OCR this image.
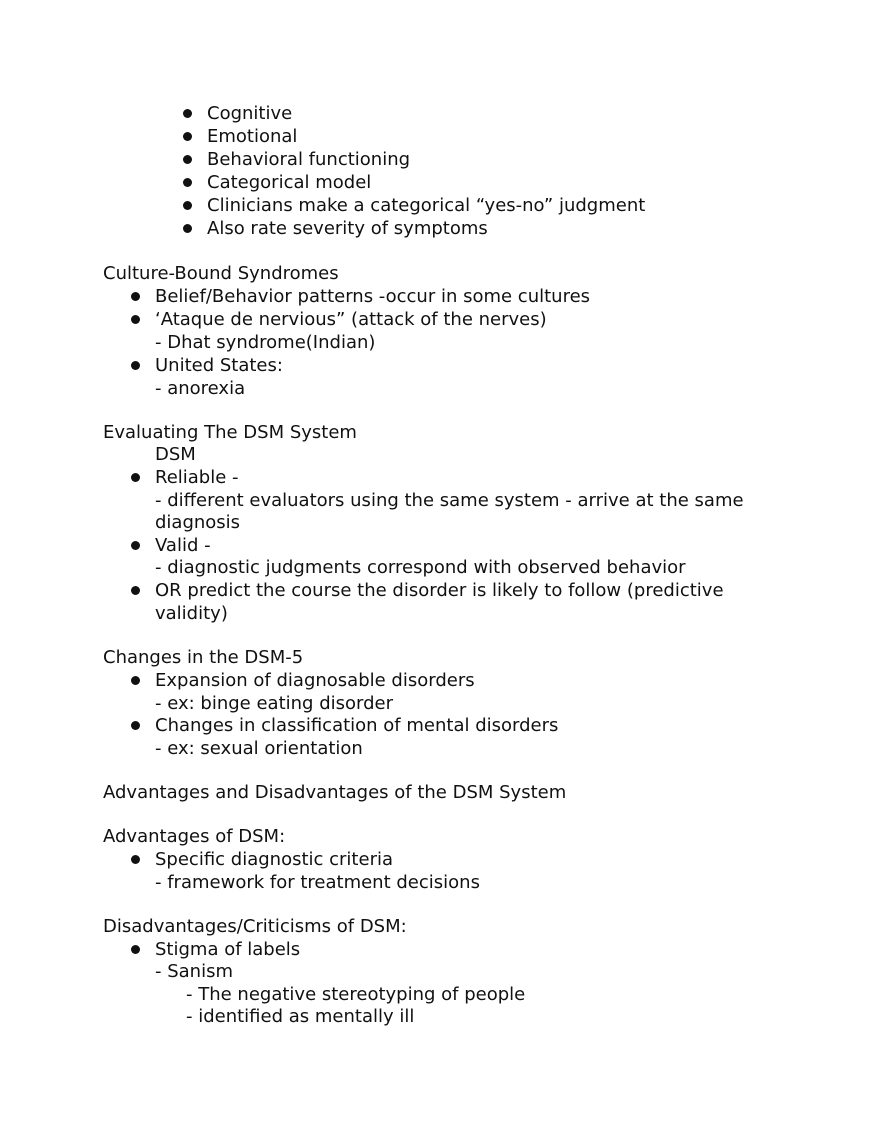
Cognitive
Emotional
Behavioral functioning
Categorical model
Clinicians make a categorical “yes-no” judgment
Also rate severity of symptoms
Culture-Bound Syndromes
Belief/Behavior patterns -occur in some cultures
‘Ataque de nervious” (attack of the nerves)
- Dhat syndrome(Indian)
United States:
- anorexia
Evaluating The DSM System
DSM
Reliable -
- different evaluators using the same system - arrive at the same
diagnosis
Valid -
- diagnostic judgments correspond with observed behavior
OR predict the course the disorder is likely to follow (predictive
validity)
Changes in the DSM-5
Expansion of diagnosable disorders
- ex: binge eating disorder
Changes in classification of mental disorders
- ex: sexual orientation
Advantages and Disadvantages of the DSM System
Advantages of DSM:
Specific diagnostic criteria
- framework for treatment decisions
Disadvantages/Criticisms of DSM:
Stigma of labels
- Sanism
- The negative stereotyping of people
- identified as mentally ill
